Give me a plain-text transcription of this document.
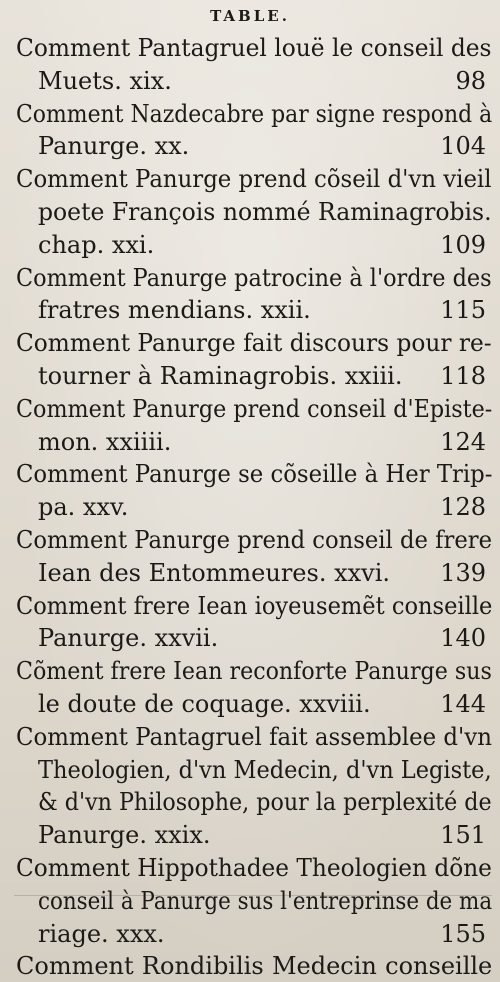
TABLE.
Comment Pantagruel louë le conseil des
Muets. xix.	98
Comment Nazdecabre par signe respond à
Panurge. xx.	104
Comment Panurge prend cõseil d'vn vieil
poete François nommé Raminagrobis.
chap. xxi.	109
Comment Panurge patrocine à l'ordre des
fratres mendians. xxii.	115
Comment Panurge fait discours pour re-
tourner à Raminagrobis. xxiii. 118
Comment Panurge prend conseil d'Episte-
mon. xxiiii.	124
Comment Panurge se cõseille à Her Trip-
pa. xxv.	128
Comment Panurge prend conseil de frere
Iean des Entommeures. xxvi. 139
Comment frere Iean ioyeusemẽt conseille
Panurge. xxvii.	140
Cõment frere Iean reconforte Panurge sus
le doute de coquage. xxviii.	144
Comment Pantagruel fait assemblee d'vn
Theologien, d'vn Medecin, d'vn Legiste,
& d'vn Philosophe, pour la perplexité de
Panurge. xxix.	151
Comment Hippothadee Theologien dõne
conseil à Panurge sus l'entreprinse de ma
riage. xxx.	155
Comment Rondibilis Medecin conseille
